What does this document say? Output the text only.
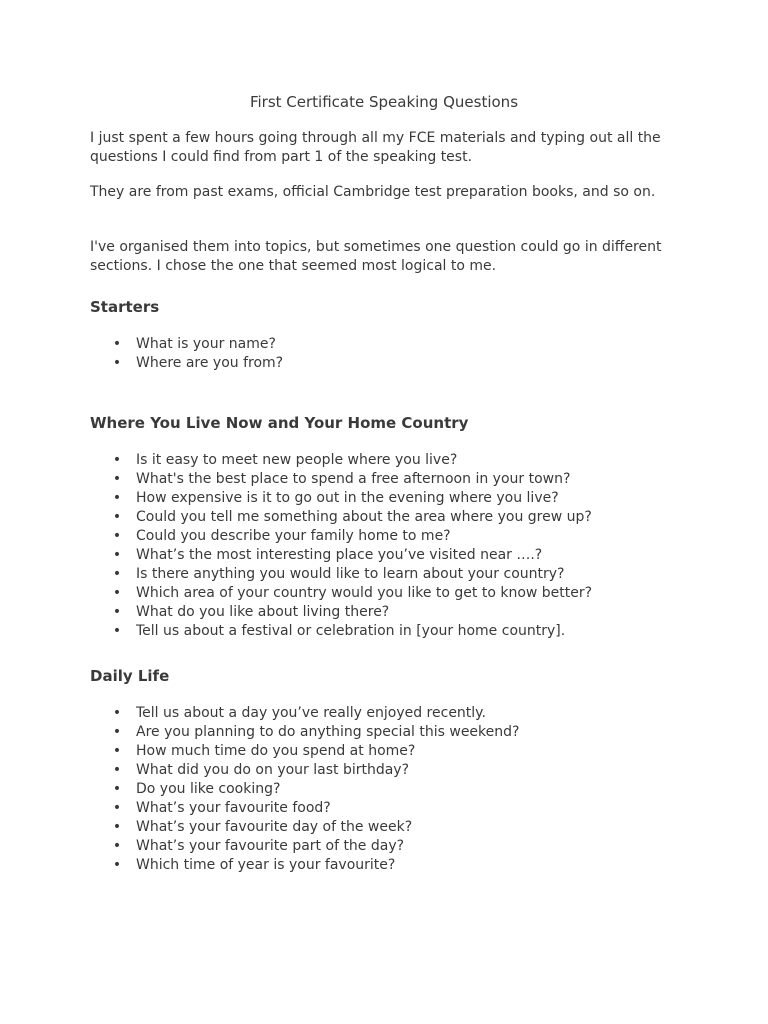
First Certificate Speaking Questions

I just spent a few hours going through all my FCE materials and typing out all the questions I could find from part 1 of the speaking test.

They are from past exams, official Cambridge test preparation books, and so on.

I've organised them into topics, but sometimes one question could go in different sections. I chose the one that seemed most logical to me.

Starters
• What is your name?
• Where are you from?
Where You Live Now and Your Home Country
• Is it easy to meet new people where you live?
• What's the best place to spend a free afternoon in your town?
• How expensive is it to go out in the evening where you live?
• Could you tell me something about the area where you grew up?
• Could you describe your family home to me?
• What’s the most interesting place you’ve visited near ….?
• Is there anything you would like to learn about your country?
• Which area of your country would you like to get to know better?
• What do you like about living there?
• Tell us about a festival or celebration in [your home country].
Daily Life
• Tell us about a day you’ve really enjoyed recently.
• Are you planning to do anything special this weekend?
• How much time do you spend at home?
• What did you do on your last birthday?
• Do you like cooking?
• What’s your favourite food?
• What’s your favourite day of the week?
• What’s your favourite part of the day?
• Which time of year is your favourite?
